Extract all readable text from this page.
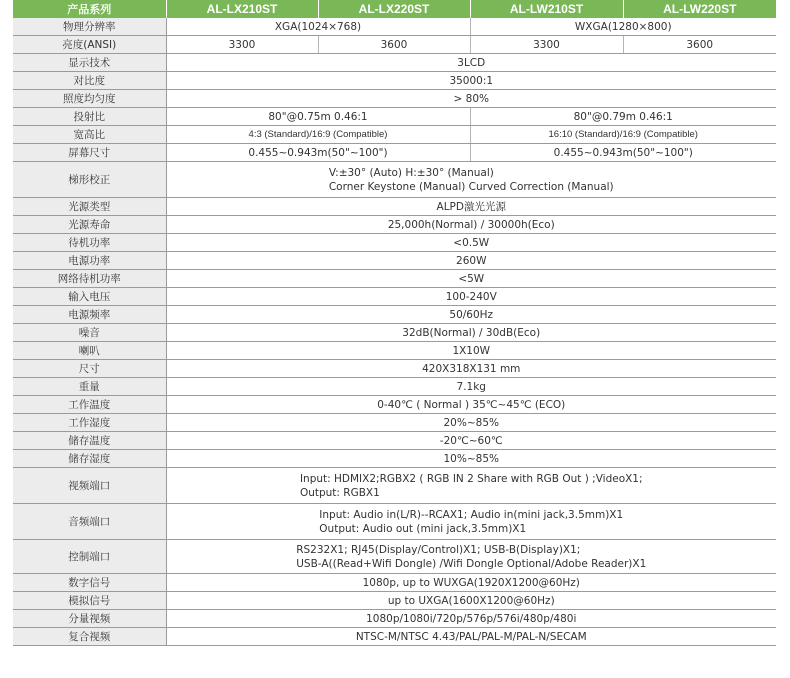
产品系列	AL-LX210ST	AL-LX220ST	AL-LW210ST	AL-LW220ST
物理分辨率	XGA(1024×768)		WXGA(1280×800)	
亮度(ANSI)	3300	3600	3300	3600
显示技术	3LCD			
对比度	35000:1			
照度均匀度	> 80%			
投射比	80"@0.75m 0.46:1		80"@0.79m 0.46:1	
宽高比	4:3 (Standard)/16:9 (Compatible)		16:10 (Standard)/16:9 (Compatible)	
屏幕尺寸	0.455~0.943m(50"~100")		0.455~0.943m(50"~100")	
梯形校正	V:±30° (Auto) H:±30° (Manual)
Corner Keystone (Manual) Curved Correction (Manual)			

光源类型	ALPD激光光源			
光源寿命	25,000h(Normal) / 30000h(Eco)			
待机功率	<0.5W			
电源功率	260W			
网络待机功率	<5W			
输入电压	100-240V			
电源频率	50/60Hz			
噪音	32dB(Normal) / 30dB(Eco)			
喇叭	1X10W			
尺寸	420X318X131 mm			
重量	7.1kg			
工作温度	0-40℃ ( Normal ) 35℃~45℃ (ECO)			
工作湿度	20%~85%			
储存温度	-20℃~60℃			
储存湿度	10%~85%			
视频端口	Input: HDMIX2;RGBX2 ( RGB IN 2 Share with RGB Out ) ;VideoX1;
Output: RGBX1			

音频端口	Input: Audio in(L/R)--RCAX1; Audio in(mini jack,3.5mm)X1
Output: Audio out (mini jack,3.5mm)X1			

控制端口	RS232X1; RJ45(Display/Control)X1; USB-B(Display)X1;
USB-A((Read+Wifi Dongle) /Wifi Dongle Optional/Adobe Reader)X1			

数字信号	1080p, up to WUXGA(1920X1200@60Hz)			
模拟信号	up to UXGA(1600X1200@60Hz)			
分量视频	1080p/1080i/720p/576p/576i/480p/480i			
复合视频	NTSC-M/NTSC 4.43/PAL/PAL-M/PAL-N/SECAM			
